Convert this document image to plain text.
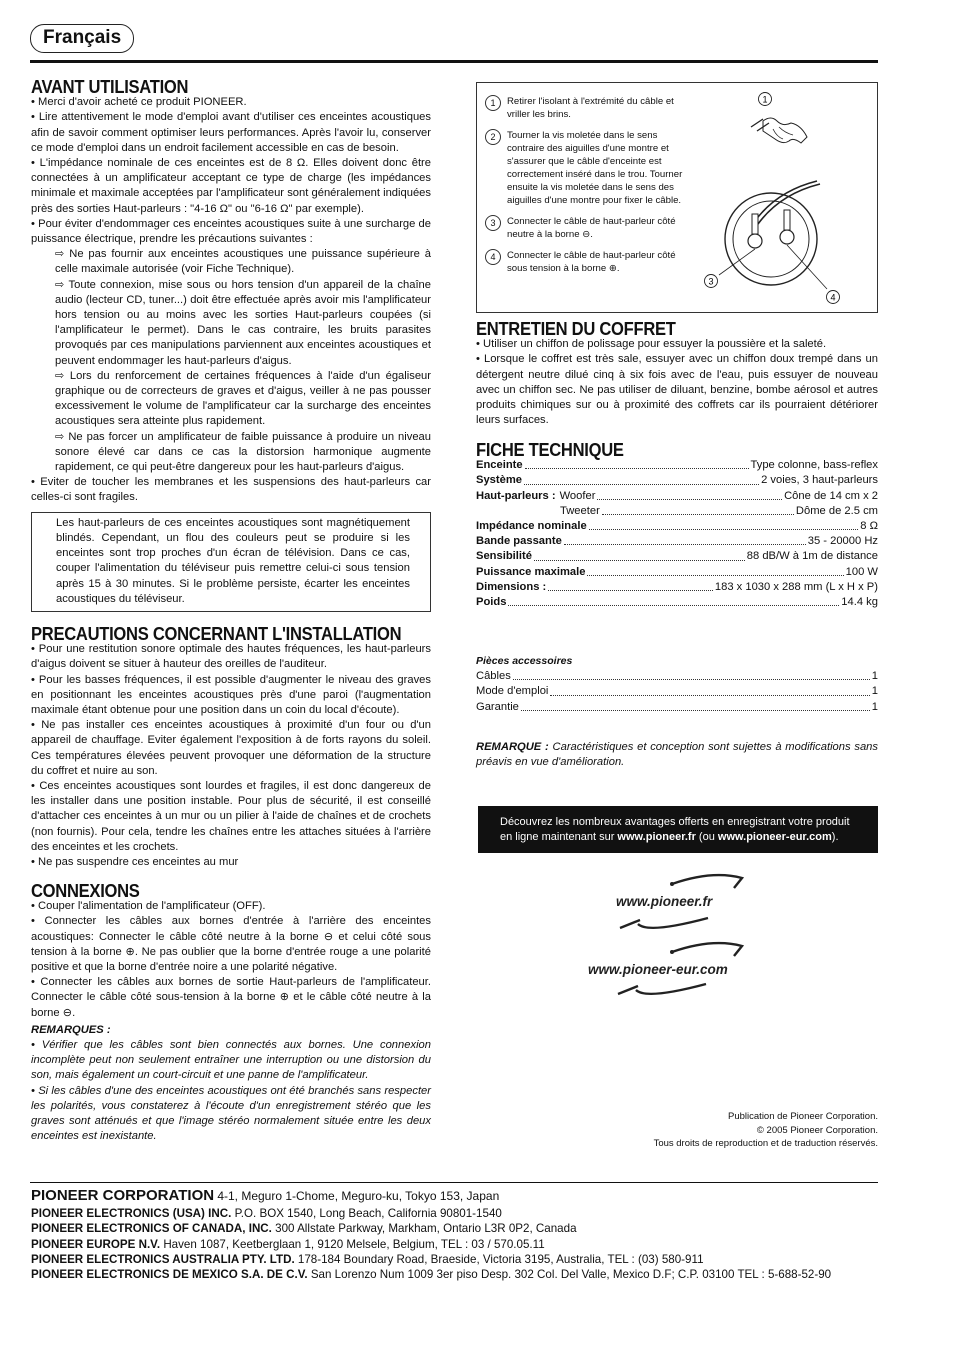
Français
AVANT UTILISATION

• Merci d'avoir acheté ce produit PIONEER.

• Lire attentivement le mode d'emploi avant d'utiliser ces enceintes acoustiques afin de savoir comment optimiser leurs performances. Après l'avoir lu, conserver ce mode d'emploi dans un endroit facilement accessible en cas de besoin.

• L'impédance nominale de ces enceintes est de 8 Ω. Elles doivent donc être connectées à un amplificateur acceptant ce type de charge (les impédances minimale et maximale acceptées par l'amplificateur sont généralement indiquées près des sorties Haut-parleurs : "4-16 Ω" ou "6-16 Ω" par exemple).

• Pour éviter d'endommager ces enceintes acoustiques suite à une surcharge de puissance électrique, prendre les précautions suivantes :

⇨ Ne pas fournir aux enceintes acoustiques une puissance supérieure à celle maximale autorisée (voir Fiche Technique).

⇨ Toute connexion, mise sous ou hors tension d'un appareil de la chaîne audio (lecteur CD, tuner...) doit être effectuée après avoir mis l'amplificateur hors tension ou au moins avec les sorties Haut-parleurs coupées (si l'amplificateur le permet). Dans le cas contraire, les bruits parasites provoqués par ces manipulations parviennent aux enceintes acoustiques et peuvent endommager les haut-parleurs d'aigus.

⇨ Lors du renforcement de certaines fréquences à l'aide d'un égaliseur graphique ou de correcteurs de graves et d'aigus, veiller à ne pas pousser excessivement le volume de l'amplificateur car la surcharge des enceintes acoustiques sera atteinte plus rapidement.

⇨ Ne pas forcer un amplificateur de faible puissance à produire un niveau sonore élevé car dans ce cas la distorsion harmonique augmente rapidement, ce qui peut-être dangereux pour les haut-parleurs d'aigus.

• Eviter de toucher les membranes et les suspensions des haut-parleurs car celles-ci sont fragiles.

Les haut-parleurs de ces enceintes acoustiques sont magnétiquement blindés. Cependant, un flou des couleurs peut se produire si les enceintes sont trop proches d'un écran de télévision. Dans ce cas, couper l'alimentation du téléviseur puis remettre celui-ci sous tension après 15 à 30 minutes. Si le problème persiste, écarter les enceintes acoustiques du téléviseur.

PRECAUTIONS CONCERNANT L'INSTALLATION

• Pour une restitution sonore optimale des hautes fréquences, les haut-parleurs d'aigus doivent se situer à hauteur des oreilles de l'auditeur.

• Pour les basses fréquences, il est possible d'augmenter le niveau des graves en positionnant les enceintes acoustiques près d'une paroi (l'augmentation maximale étant obtenue pour une position dans un coin du local d'écoute).

• Ne pas installer ces enceintes acoustiques à proximité d'un four ou d'un appareil de chauffage. Eviter également l'exposition à de forts rayons du soleil. Ces températures élevées peuvent provoquer une déformation de la structure du coffret et nuire au son.

• Ces enceintes acoustiques sont lourdes et fragiles, il est donc dangereux de les installer dans une position instable. Pour plus de sécurité, il est conseillé d'attacher ces enceintes à un mur ou un pilier à l'aide de chaînes et de crochets (non fournis). Pour cela, tendre les chaînes entre les attaches situées à l'arrière des enceintes et les crochets.

• Ne pas suspendre ces enceintes au mur

CONNEXIONS

• Couper l'alimentation de l'amplificateur (OFF).

• Connecter les câbles aux bornes d'entrée à l'arrière des enceintes acoustiques: Connecter le câble côté neutre à la borne ⊖ et celui côté sous tension à la borne ⊕. Ne pas oublier que la borne d'entrée rouge a une polarité positive et que la borne d'entrée noire a une polarité négative.

• Connecter les câbles aux bornes de sortie Haut-parleurs de l'amplificateur. Connecter le câble côté sous-tension à la borne ⊕ et le câble côté neutre à la borne ⊖.

REMARQUES :

• Vérifier que les câbles sont bien connectés aux bornes. Une connexion incomplète peut non seulement entraîner une interruption ou une distorsion du son, mais également un court-circuit et une panne de l'amplificateur.

• Si les câbles d'une des enceintes acoustiques ont été branchés sans respecter les polarités, vous constaterez à l'écoute d'un enregistrement stéréo que les graves sont atténués et que l'image stéréo normalement située entre les deux enceintes est inexistante.

1	Retirer l'isolant à l'extrémité du câble et vriller les brins.
2	Tourner la vis moletée dans le sens contraire des aiguilles d'une montre et s'assurer que le câble d'enceinte est correctement inséré dans le trou. Tourner ensuite la vis moletée dans le sens des aiguilles d'une montre pour fixer le câble.
3	Connecter le câble de haut-parleur côté neutre à la borne ⊖.
4	Connecter le câble de haut-parleur côté sous tension à la borne ⊕.
1
3
4
ENTRETIEN DU COFFRET

• Utiliser un chiffon de polissage pour essuyer la poussière et la saleté.

• Lorsque le coffret est très sale, essuyer avec un chiffon doux trempé dans un détergent neutre dilué cinq à six fois avec de l'eau, puis essuyer de nouveau avec un chiffon sec. Ne pas utiliser de diluant, benzine, bombe aérosol et autres produits chimiques sur ou à proximité des coffrets car ils pourraient détériorer leurs surfaces.

FICHE TECHNIQUE
Enceinte	Type colonne, bass-reflex
Système	2 voies, 3 haut-parleurs
Haut-parleurs : Woofer	Cône de 14 cm x 2
Tweeter	Dôme de 2.5 cm
Impédance nominale	8 Ω
Bande passante	35 - 20000 Hz
Sensibilité	88 dB/W à 1m de distance
Puissance maximale	100 W
Dimensions :	183 x 1030 x 288 mm (L x H x P)
Poids	14.4 kg

Pièces accessoires

Câbles	1
Mode d'emploi	1
Garantie	1

REMARQUE : Caractéristiques et conception sont sujettes à modifications sans préavis en vue d'amélioration.

Découvrez les nombreux avantages offerts en enregistrant votre produit
en ligne maintenant sur www.pioneer.fr (ou www.pioneer-eur.com).
www.pioneer.fr
www.pioneer-eur.com
Publication de Pioneer Corporation.
© 2005 Pioneer Corporation.
Tous droits de reproduction et de traduction réservés.
PIONEER CORPORATION 4-1, Meguro 1-Chome, Meguro-ku, Tokyo 153, Japan
PIONEER ELECTRONICS (USA) INC. P.O. BOX 1540, Long Beach, California 90801-1540
PIONEER ELECTRONICS OF CANADA, INC. 300 Allstate Parkway, Markham, Ontario L3R 0P2, Canada
PIONEER EUROPE N.V. Haven 1087, Keetberglaan 1, 9120 Melsele, Belgium, TEL : 03 / 570.05.11
PIONEER ELECTRONICS AUSTRALIA PTY. LTD. 178-184 Boundary Road, Braeside, Victoria 3195, Australia, TEL : (03) 580-911
PIONEER ELECTRONICS DE MEXICO S.A. DE C.V. San Lorenzo Num 1009 3er piso Desp. 302 Col. Del Valle, Mexico D.F; C.P. 03100 TEL : 5-688-52-90
